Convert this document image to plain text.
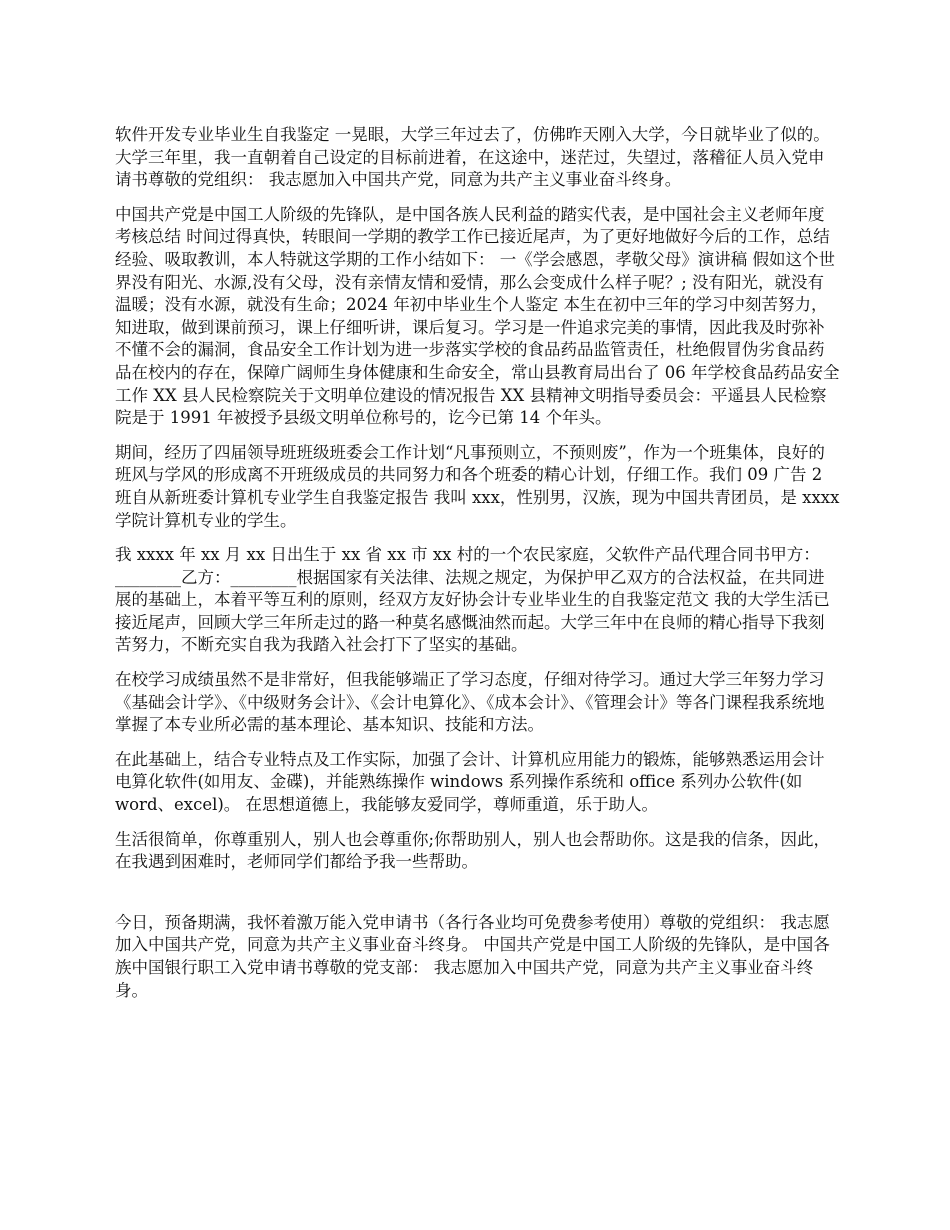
软件开发专业毕业生自我鉴定 一晃眼，大学三年过去了，仿佛昨天刚入大学，今日就毕业了似的。 大学三年里，我一直朝着自己设定的目标前进着，在这途中，迷茫过，失望过，落稽征人员入党申请书尊敬的党组织： 我志愿加入中国共产党，同意为共产主义事业奋斗终身。

中国共产党是中国工人阶级的先锋队，是中国各族人民利益的踏实代表，是中国社会主义老师年度考核总结 时间过得真快，转眼间一学期的教学工作已接近尾声，为了更好地做好今后的工作，总结经验、吸取教训，本人特就这学期的工作小结如下： 一《学会感恩，孝敬父母》演讲稿 假如这个世界没有阳光、水源,没有父母，没有亲情友情和爱情，那么会变成什么样子呢？; 没有阳光，就没有温暖；没有水源，就没有生命；2024 年初中毕业生个人鉴定 本生在初中三年的学习中刻苦努力，知进取，做到课前预习，课上仔细听讲，课后复习。学习是一件追求完美的事情，因此我及时弥补不懂不会的漏洞，食品安全工作计划为进一步落实学校的食品药品监管责任，杜绝假冒伪劣食品药品在校内的存在，保障广阔师生身体健康和生命安全，常山县教育局出台了 06 年学校食品药品安全工作 XX 县人民检察院关于文明单位建设的情况报告 XX 县精神文明指导委员会：平遥县人民检察院是于 1991 年被授予县级文明单位称号的，讫今已第 14 个年头。

期间，经历了四届领导班班级班委会工作计划“凡事预则立，不预则废”，作为一个班集体，良好的班风与学风的形成离不开班级成员的共同努力和各个班委的精心计划，仔细工作。我们 09 广告 2 班自从新班委计算机专业学生自我鉴定报告 我叫 xxx，性别男，汉族，现为中国共青团员，是 xxxx 学院计算机专业的学生。

我 xxxx 年 xx 月 xx 日出生于 xx 省 xx 市 xx 村的一个农民家庭，父软件产品代理合同书甲方：________乙方：________根据国家有关法律、法规之规定，为保护甲乙双方的合法权益，在共同进展的基础上，本着平等互利的原则，经双方友好协会计专业毕业生的自我鉴定范文 我的大学生活已接近尾声，回顾大学三年所走过的路一种莫名感慨油然而起。大学三年中在良师的精心指导下我刻苦努力，不断充实自我为我踏入社会打下了坚实的基础。

在校学习成绩虽然不是非常好，但我能够端正了学习态度，仔细对待学习。通过大学三年努力学习《基础会计学》、《中级财务会计》、《会计电算化》、《成本会计》、《管理会计》等各门课程我系统地掌握了本专业所必需的基本理论、基本知识、技能和方法。

在此基础上，结合专业特点及工作实际，加强了会计、计算机应用能力的锻炼，能够熟悉运用会计电算化软件(如用友、金碟)，并能熟练操作 windows 系列操作系统和 office 系列办公软件(如 word、excel)。 在思想道德上，我能够友爱同学，尊师重道，乐于助人。

生活很简单，你尊重别人，别人也会尊重你;你帮助别人，别人也会帮助你。这是我的信条，因此，在我遇到困难时，老师同学们都给予我一些帮助。

今日，预备期满，我怀着激万能入党申请书（各行各业均可免费参考使用）尊敬的党组织： 我志愿加入中国共产党，同意为共产主义事业奋斗终身。 中国共产党是中国工人阶级的先锋队，是中国各族中国银行职工入党申请书尊敬的党支部： 我志愿加入中国共产党，同意为共产主义事业奋斗终身。
